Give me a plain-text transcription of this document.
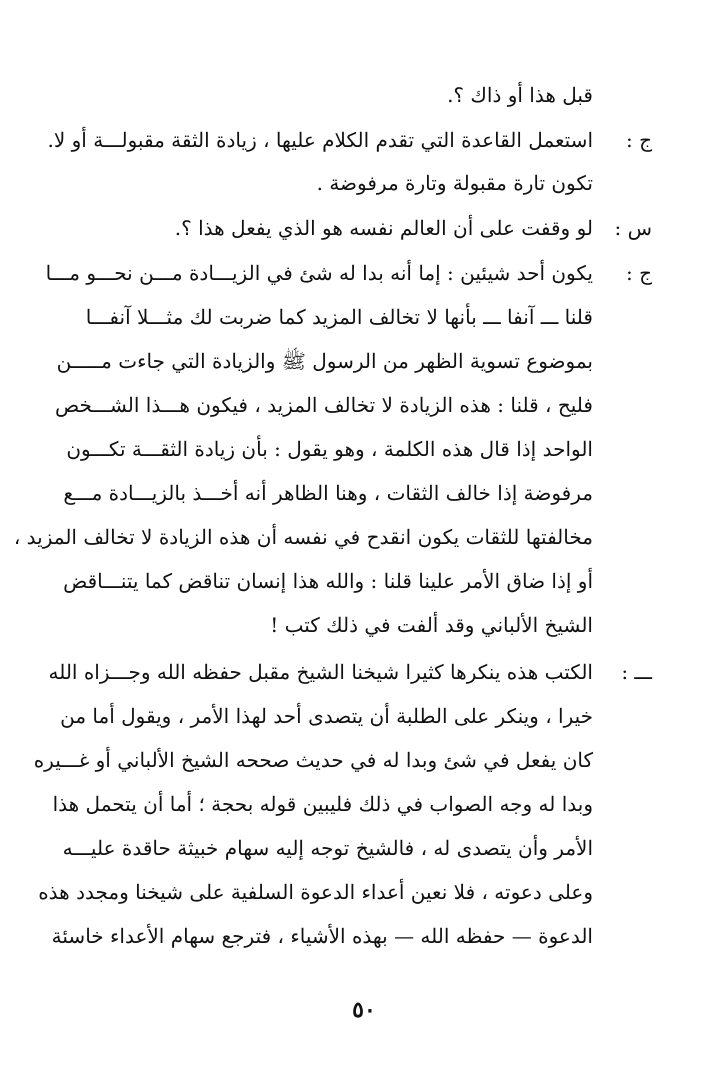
قبل هذا أو ذاك ؟.
ج :
استعمل القاعدة التي تقدم الكلام عليها ، زيادة الثقة مقبولـــة أو لا.
تكون تارة مقبولة وتارة مرفوضة .
س :
لو وقفت على أن العالم نفسه هو الذي يفعل هذا ؟.
ج :
يكون أحد شيئين : إما أنه بدا له شئ في الزيـــادة مـــن نحـــو مـــا
قلنا ـــ آنفا ـــ بأنها لا تخالف المزيد كما ضربت لك مثـــلا آنفـــا
بموضوع تسوية الظهر من الرسول ﷺ والزيادة التي جاءت مـــــن
فليح ، قلنا : هذه الزيادة لا تخالف المزيد ، فيكون هـــذا الشـــخص
الواحد إذا قال هذه الكلمة ، وهو يقول : بأن زيادة الثقـــة تكـــون
مرفوضة إذا خالف الثقات ، وهنا الظاهر أنه أخـــذ بالزيـــادة مـــع
مخالفتها للثقات يكون انقدح في نفسه أن هذه الزيادة لا تخالف المزيد ،
أو إذا ضاق الأمر علينا قلنا : والله هذا إنسان تناقض كما يتنـــاقض
الشيخ الألباني وقد ألفت في ذلك كتب !
ـــ :
الكتب هذه ينكرها كثيرا شيخنا الشيخ مقبل حفظه الله وجـــزاه الله
خيرا ، وينكر على الطلبة أن يتصدى أحد لهذا الأمر ، ويقول أما من
كان يفعل في شئ وبدا له في حديث صححه الشيخ الألباني أو غـــيره
وبدا له وجه الصواب في ذلك فليبين قوله بحجة ؛ أما أن يتحمل هذا
الأمر وأن يتصدى له ، فالشيخ توجه إليه سهام خبيثة حاقدة عليـــه
وعلى دعوته ، فلا نعين أعداء الدعوة السلفية على شيخنا ومجدد هذه
الدعوة — حفظه الله — بهذه الأشياء ، فترجع سهام الأعداء خاسئة
٥٠
